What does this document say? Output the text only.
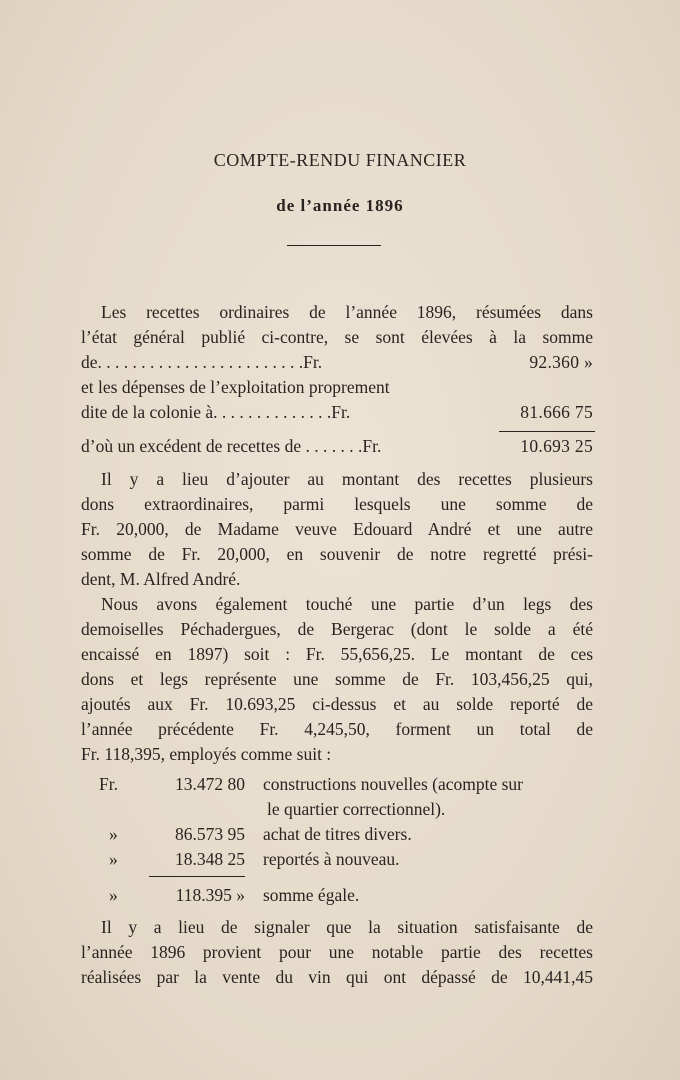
COMPTE-RENDU FINANCIER
de l’année 1896
Les recettes ordinaires de l’année 1896, résumées dans
l’état général publié ci-contre, se sont élevées à la somme
de. . . . . . . . . . . . . . . . . . . . . . . .Fr.	92.360 »
et les dépenses de l’exploitation proprement
dite de la colonie à. . . . . . . . . . . . . .Fr.	81.666 75
d’où un excédent de recettes de . . . . . . .Fr.	10.693 25
Il y a lieu d’ajouter au montant des recettes plusieurs
dons extraordinaires, parmi lesquels une somme de
Fr. 20,000, de Madame veuve Edouard André et une autre
somme de Fr. 20,000, en souvenir de notre regretté prési-
dent, M. Alfred André.
Nous avons également touché une partie d’un legs des
demoiselles Péchadergues, de Bergerac (dont le solde a été
encaissé en 1897) soit : Fr. 55,656,25. Le montant de ces
dons et legs représente une somme de Fr. 103,456,25 qui,
ajoutés aux Fr. 10.693,25 ci-dessus et au solde reporté de
l’année précédente Fr. 4,245,50, forment un total de
Fr. 118,395, employés comme suit :
Fr.	13.472 80 constructions nouvelles (acompte sur
le quartier correctionnel).
»	86.573 95 achat de titres divers.
»	18.348 25 reportés à nouveau.
»	118.395 » somme égale.
Il y a lieu de signaler que la situation satisfaisante de
l’année 1896 provient pour une notable partie des recettes
réalisées par la vente du vin qui ont dépassé de 10,441,45
